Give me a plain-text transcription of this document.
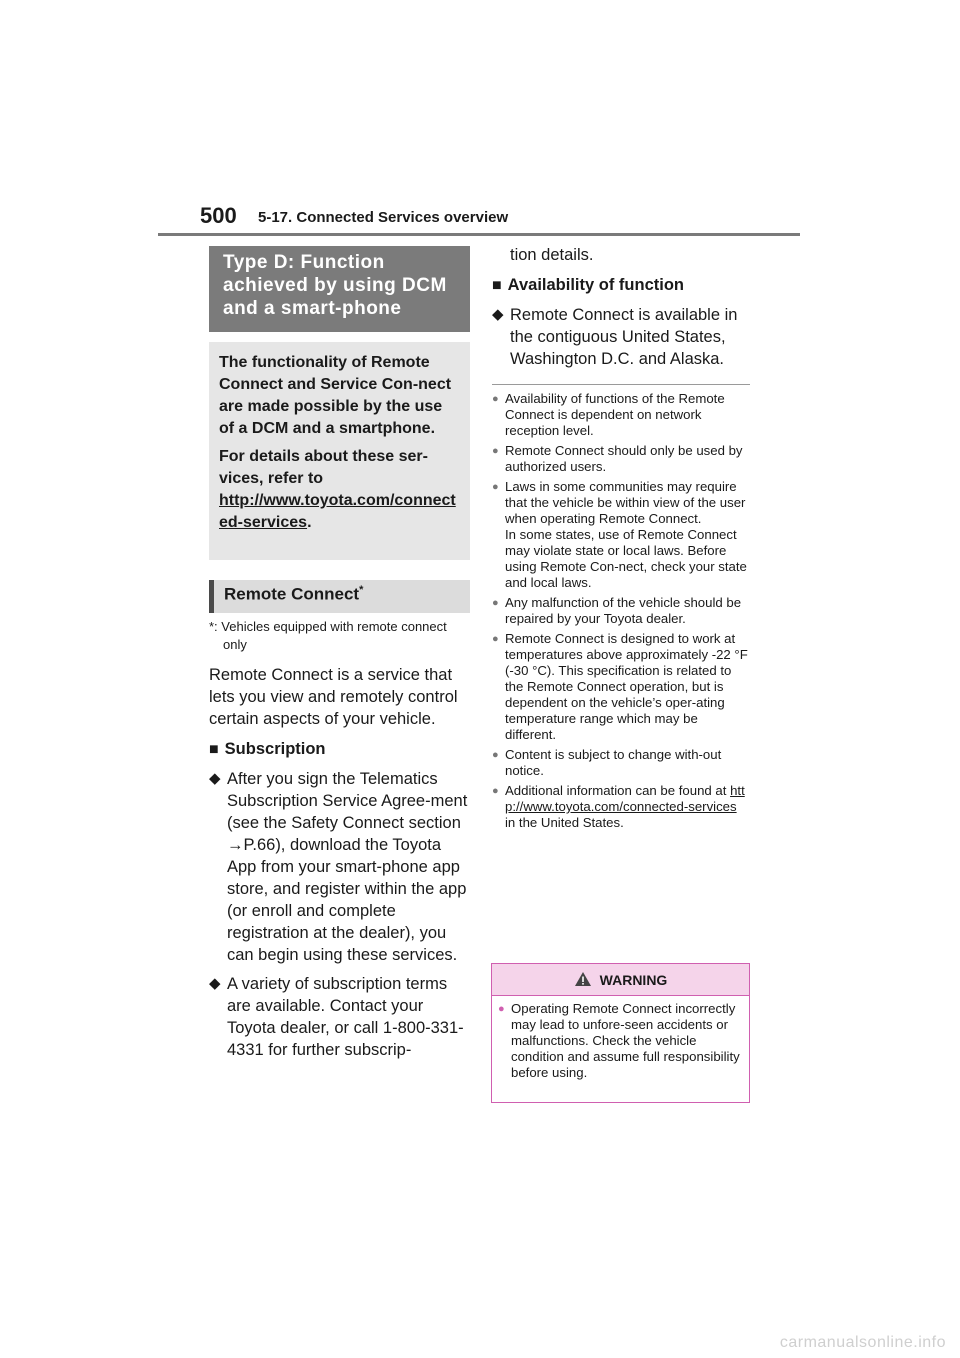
500 5-17. Connected Services overview
Type D: Function achieved by using DCM and a smart-phone

The functionality of Remote Connect and Service Con-nect are made possible by the use of a DCM and a smartphone.

For details about these ser-vices, refer to
http://www.toyota.com/connected-services.

Remote Connect*
*: Vehicles equipped with remote connect only
Remote Connect is a service that lets you view and remotely control certain aspects of your vehicle.
■ Subscription
◆ After you sign the Telematics Subscription Service Agree-ment (see the Safety Connect section →P.66), download the Toyota App from your smart-phone app store, and register within the app (or enroll and complete registration at the dealer), you can begin using these services.
◆ A variety of subscription terms are available. Contact your Toyota dealer, or call 1-800-331-4331 for further subscrip-
tion details.
■ Availability of function
◆ Remote Connect is available in the contiguous United States, Washington D.C. and Alaska.
● Availability of functions of the Remote Connect is dependent on network reception level.
● Remote Connect should only be used by authorized users.
● Laws in some communities may require that the vehicle be within view of the user when operating Remote Connect.
In some states, use of Remote Connect may violate state or local laws. Before using Remote Con-nect, check your state and local laws.
● Any malfunction of the vehicle should be repaired by your Toyota dealer.
● Remote Connect is designed to work at temperatures above approximately -22 °F (-30 °C). This specification is related to the Remote Connect operation, but is dependent on the vehicle’s oper-ating temperature range which may be different.
● Content is subject to change with-out notice.
● Additional information can be found at http://www.toyota.com/connected-services in the United States.
WARNING
● Operating Remote Connect incorrectly may lead to unfore-seen accidents or malfunctions. Check the vehicle condition and assume full responsibility before using.
carmanualsonline.info
